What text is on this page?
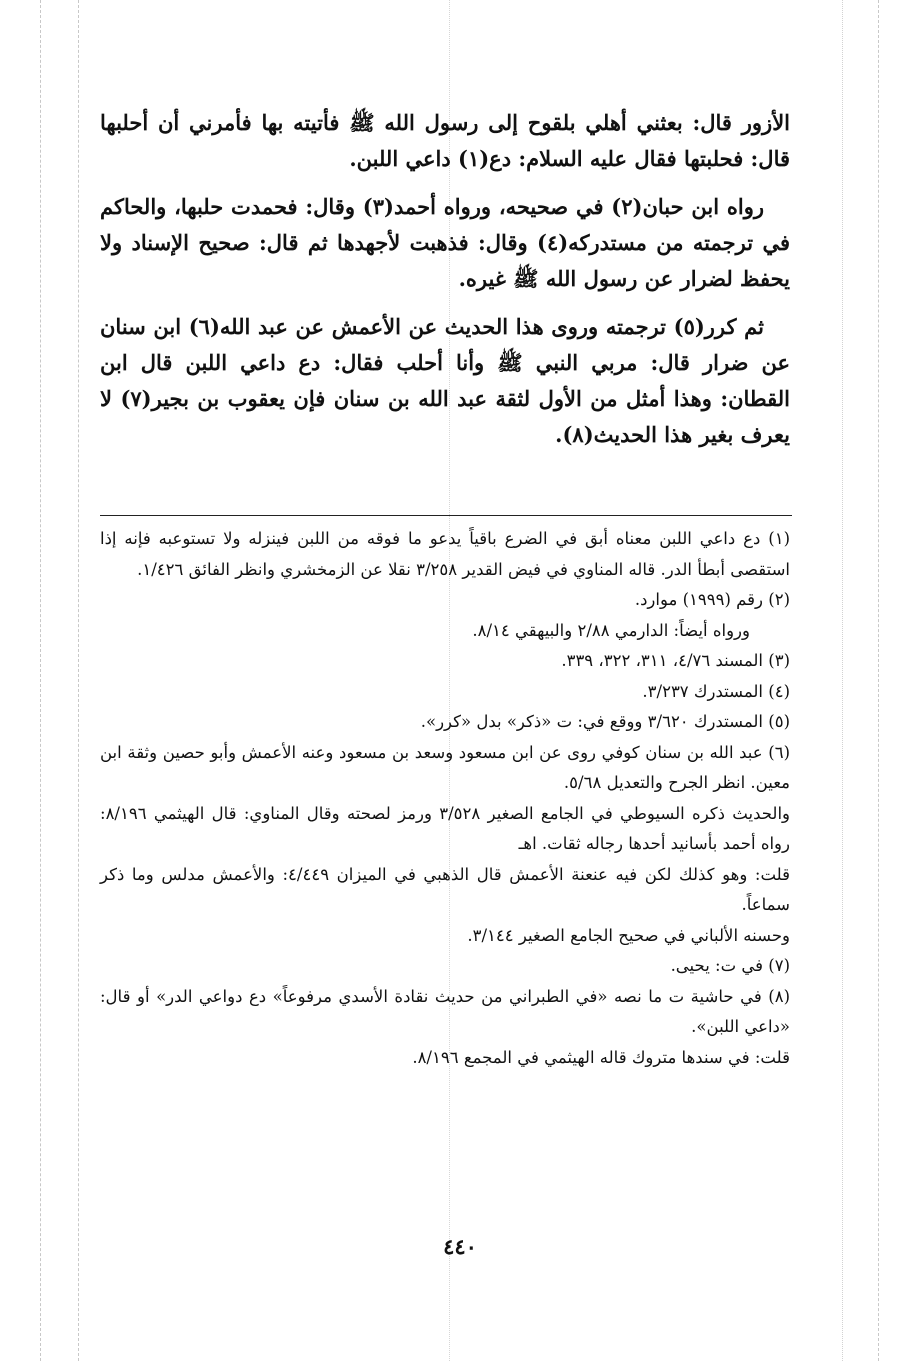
الأزور قال: بعثني أهلي بلقوح إلى رسول الله ﷺ فأتيته بها فأمرني أن أحلبها قال: فحلبتها فقال عليه السلام: دع(١) داعي اللبن.

رواه ابن حبان(٢) في صحيحه، ورواه أحمد(٣) وقال: فحمدت حلبها، والحاكم في ترجمته من مستدركه(٤) وقال: فذهبت لأجهدها ثم قال: صحيح الإسناد ولا يحفظ لضرار عن رسول الله ﷺ غيره.

ثم كرر(٥) ترجمته وروى هذا الحديث عن الأعمش عن عبد الله(٦) ابن سنان عن ضرار قال: مربي النبي ﷺ وأنا أحلب فقال: دع داعي اللبن قال ابن القطان: وهذا أمثل من الأول لثقة عبد الله بن سنان فإن يعقوب بن بجير(٧) لا يعرف بغير هذا الحديث(٨).

(١) دع داعي اللبن معناه أبق في الضرع باقياً يدعو ما فوقه من اللبن فينزله ولا تستوعبه فإنه إذا استقصى أبطأ الدر. قاله المناوي في فيض القدير ٣/٢٥٨ نقلا عن الزمخشري وانظر الفائق ١/٤٢٦.

(٢) رقم (١٩٩٩) موارد.

ورواه أيضاً: الدارمي ٢/٨٨ والبيهقي ٨/١٤.

(٣) المسند ٤/٧٦، ٣١١، ٣٢٢، ٣٣٩.

(٤) المستدرك ٣/٢٣٧.

(٥) المستدرك ٣/٦٢٠ ووقع في: ت «ذكر» بدل «كرر».

(٦) عبد الله بن سنان كوفي روى عن ابن مسعود وسعد بن مسعود وعنه الأعمش وأبو حصين وثقة ابن معين. انظر الجرح والتعديل ٥/٦٨.

والحديث ذكره السيوطي في الجامع الصغير ٣/٥٢٨ ورمز لصحته وقال المناوي: قال الهيثمي ٨/١٩٦: رواه أحمد بأسانيد أحدها رجاله ثقات. اهـ

قلت: وهو كذلك لكن فيه عنعنة الأعمش قال الذهبي في الميزان ٤/٤٤٩: والأعمش مدلس وما ذكر سماعاً.

وحسنه الألباني في صحيح الجامع الصغير ٣/١٤٤.

(٧) في ت: يحيى.

(٨) في حاشية ت ما نصه «في الطبراني من حديث نقادة الأسدي مرفوعاً» دع دواعي الدر» أو قال: «داعي اللبن».

قلت: في سندها متروك قاله الهيثمي في المجمع ٨/١٩٦.

٤٤٠
